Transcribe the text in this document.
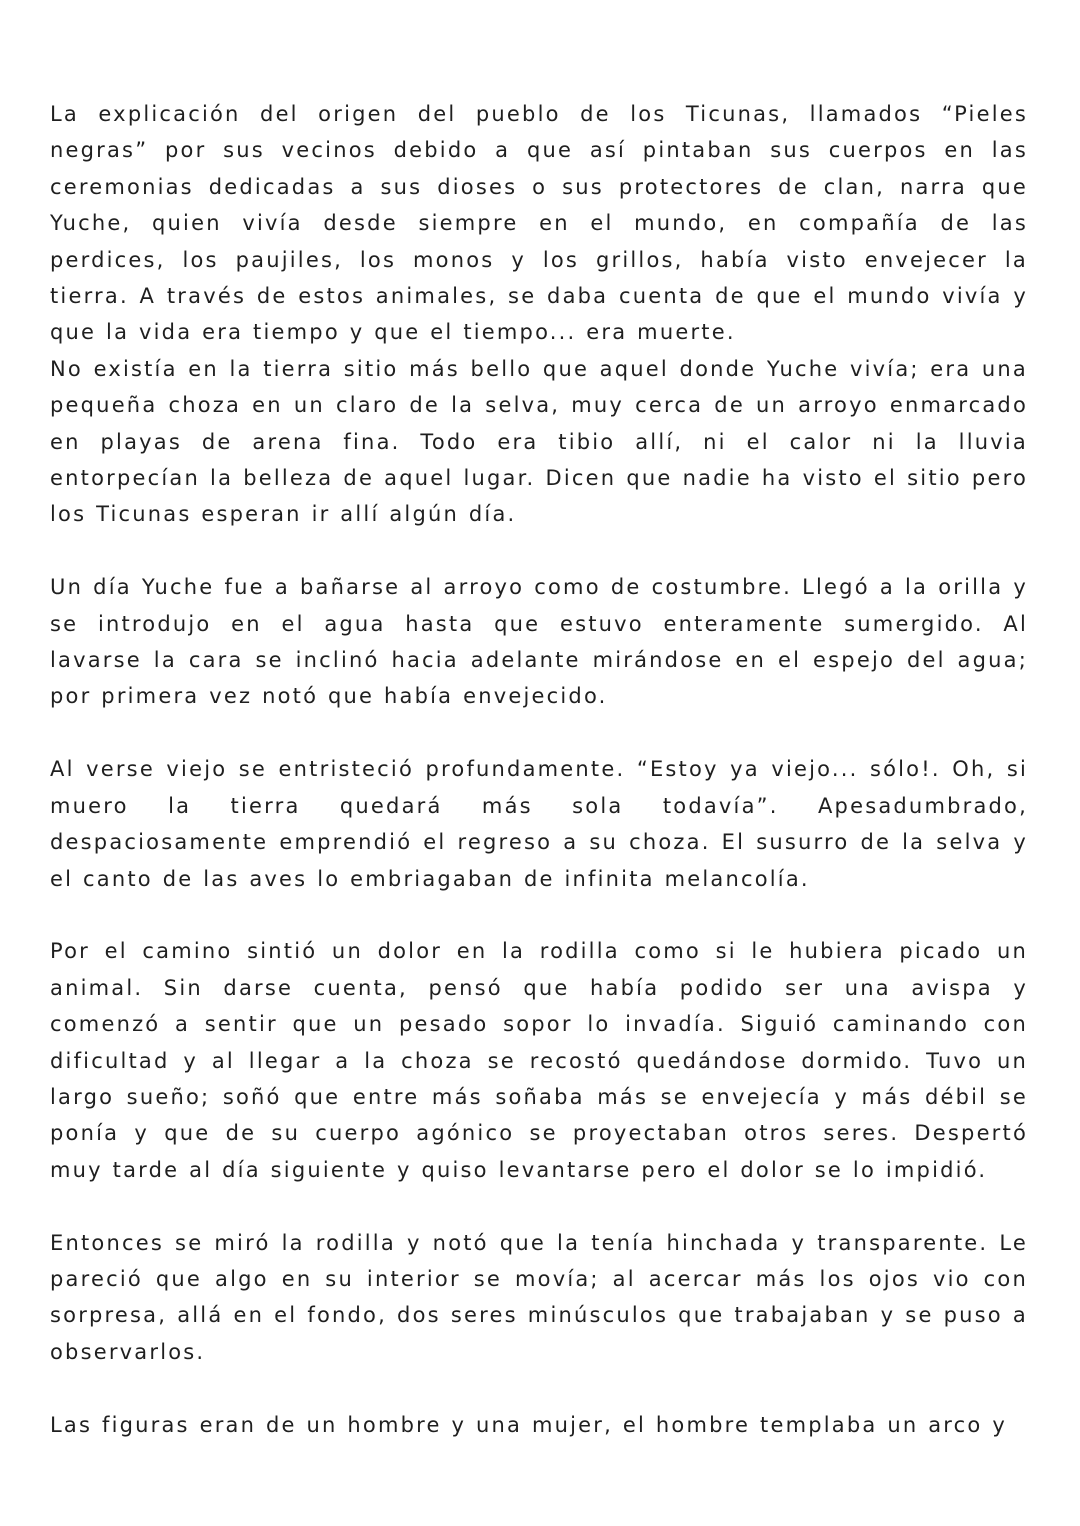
La explicación del origen del pueblo de los Ticunas, llamados “Pieles negras” por sus vecinos debido a que así pintaban sus cuerpos en las ceremonias dedicadas a sus dioses o sus protectores de clan, narra que Yuche, quien vivía desde siempre en el mundo, en compañía de las perdices, los paujiles, los monos y los grillos, había visto envejecer la tierra. A través de estos animales, se daba cuenta de que el mundo vivía y que la vida era tiempo y que el tiempo... era muerte.

No existía en la tierra sitio más bello que aquel donde Yuche vivía; era una pequeña choza en un claro de la selva, muy cerca de un arroyo enmarcado en playas de arena fina. Todo era tibio allí, ni el calor ni la lluvia entorpecían la belleza de aquel lugar. Dicen que nadie ha visto el sitio pero los Ticunas esperan ir allí algún día.

Un día Yuche fue a bañarse al arroyo como de costumbre. Llegó a la orilla y se introdujo en el agua hasta que estuvo enteramente sumergido. Al lavarse la cara se inclinó hacia adelante mirándose en el espejo del agua; por primera vez notó que había envejecido.

Al verse viejo se entristeció profundamente. “Estoy ya viejo... sólo!. Oh, si muero la tierra quedará más sola todavía”. Apesadumbrado, despaciosamente emprendió el regreso a su choza. El susurro de la selva y el canto de las aves lo embriagaban de infinita melancolía.

Por el camino sintió un dolor en la rodilla como si le hubiera picado un animal. Sin darse cuenta, pensó que había podido ser una avispa y comenzó a sentir que un pesado sopor lo invadía. Siguió caminando con dificultad y al llegar a la choza se recostó quedándose dormido. Tuvo un largo sueño; soñó que entre más soñaba más se envejecía y más débil se ponía y que de su cuerpo agónico se proyectaban otros seres. Despertó muy tarde al día siguiente y quiso levantarse pero el dolor se lo impidió.

Entonces se miró la rodilla y notó que la tenía hinchada y transparente. Le pareció que algo en su interior se movía; al acercar más los ojos vio con sorpresa, allá en el fondo, dos seres minúsculos que trabajaban y se puso a observarlos.

Las figuras eran de un hombre y una mujer, el hombre templaba un arco y
